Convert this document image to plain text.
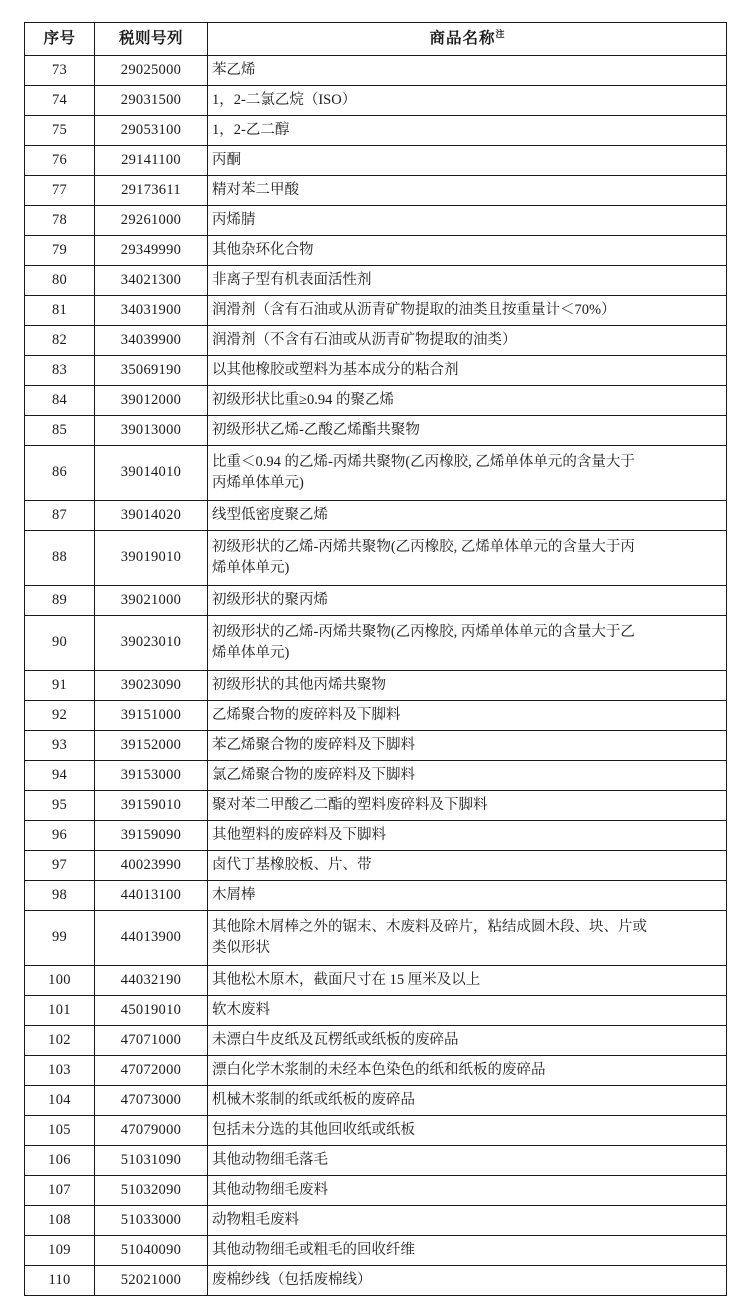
序号	税则号列	商品名称$^注$
73	29025000	苯乙烯

74	29031500	1，2-二氯乙烷（ISO）

75	29053100	1，2-乙二醇

76	29141100	丙酮

77	29173611	精对苯二甲酸

78	29261000	丙烯腈

79	29349990	其他杂环化合物

80	34021300	非离子型有机表面活性剂

81	34031900	润滑剂（含有石油或从沥青矿物提取的油类且按重量计＜70%）

82	34039900	润滑剂（不含有石油或从沥青矿物提取的油类）

83	35069190	以其他橡胶或塑料为基本成分的粘合剂

84	39012000	初级形状比重≥0.94 的聚乙烯

85	39013000	初级形状乙烯-乙酸乙烯酯共聚物

86	39014010	比重＜0.94 的乙烯-丙烯共聚物(乙丙橡胶, 乙烯单体单元的含量大于
丙烯单体单元)

87	39014020	线型低密度聚乙烯

88	39019010	初级形状的乙烯-丙烯共聚物(乙丙橡胶, 乙烯单体单元的含量大于丙
烯单体单元)

89	39021000	初级形状的聚丙烯

90	39023010	初级形状的乙烯-丙烯共聚物(乙丙橡胶, 丙烯单体单元的含量大于乙
烯单体单元)

91	39023090	初级形状的其他丙烯共聚物

92	39151000	乙烯聚合物的废碎料及下脚料

93	39152000	苯乙烯聚合物的废碎料及下脚料

94	39153000	氯乙烯聚合物的废碎料及下脚料

95	39159010	聚对苯二甲酸乙二酯的塑料废碎料及下脚料

96	39159090	其他塑料的废碎料及下脚料

97	40023990	卤代丁基橡胶板、片、带

98	44013100	木屑棒

99	44013900	其他除木屑棒之外的锯末、木废料及碎片，粘结成圆木段、块、片或
类似形状

100	44032190	其他松木原木，截面尺寸在 15 厘米及以上

101	45019010	软木废料

102	47071000	未漂白牛皮纸及瓦楞纸或纸板的废碎品

103	47072000	漂白化学木浆制的未经本色染色的纸和纸板的废碎品

104	47073000	机械木浆制的纸或纸板的废碎品

105	47079000	包括未分选的其他回收纸或纸板

106	51031090	其他动物细毛落毛

107	51032090	其他动物细毛废料

108	51033000	动物粗毛废料

109	51040090	其他动物细毛或粗毛的回收纤维

110	52021000	废棉纱线（包括废棉线）
